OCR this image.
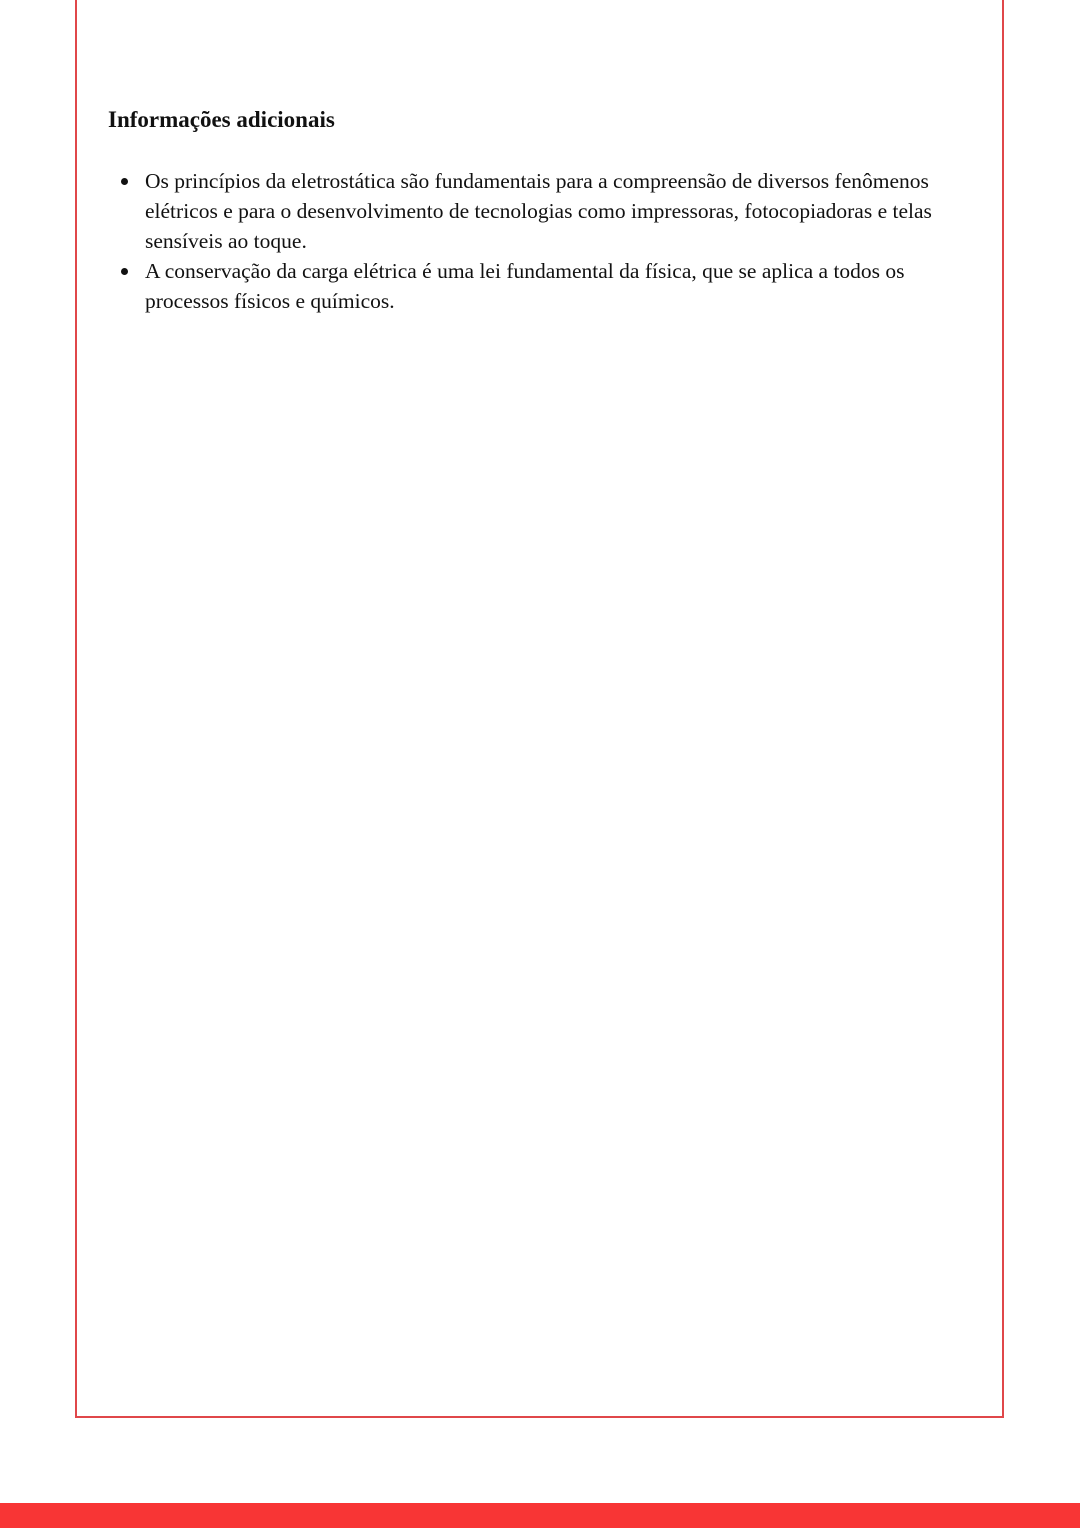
Informações adicionais
Os princípios da eletrostática são fundamentais para a compreensão de diversos fenômenos elétricos e para o desenvolvimento de tecnologias como impressoras, fotocopiadoras e telas sensíveis ao toque.
A conservação da carga elétrica é uma lei fundamental da física, que se aplica a todos os processos físicos e químicos.
